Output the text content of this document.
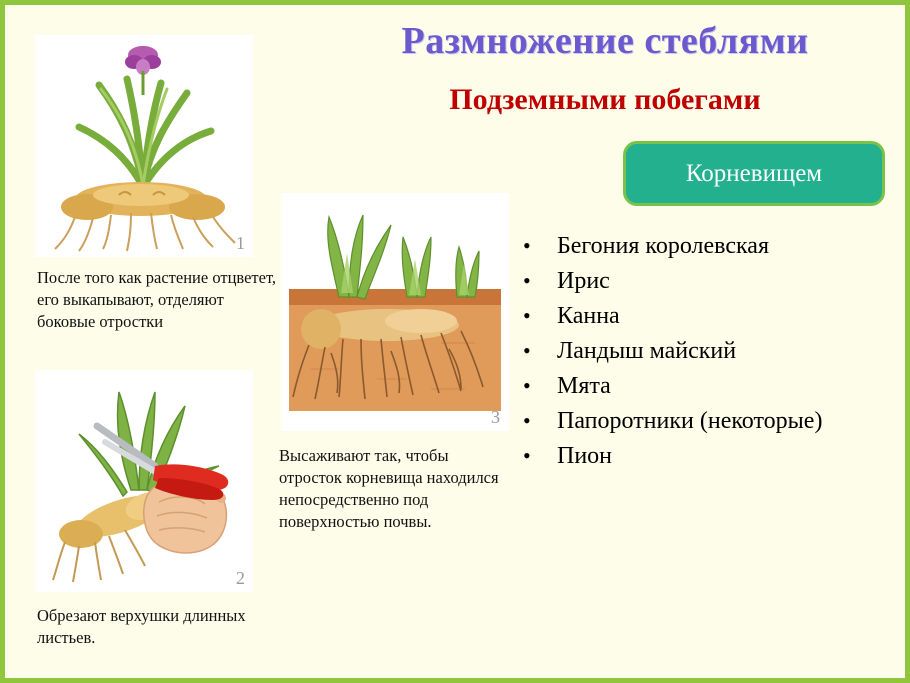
Размножение стеблями
Подземными побегами
Корневищем
•	Бегония королевская
•	Ирис
•	Канна
•	Ландыш майский
•	Мята
•	Папоротники (некоторые)
•	Пион
1
После того как растение отцветет, его выкапывают, отделяют боковые отростки
2
Обрезают верхушки длинных листьев.
3
Высаживают так, чтобы отросток корневища находился непосредственно под поверхностью почвы.
